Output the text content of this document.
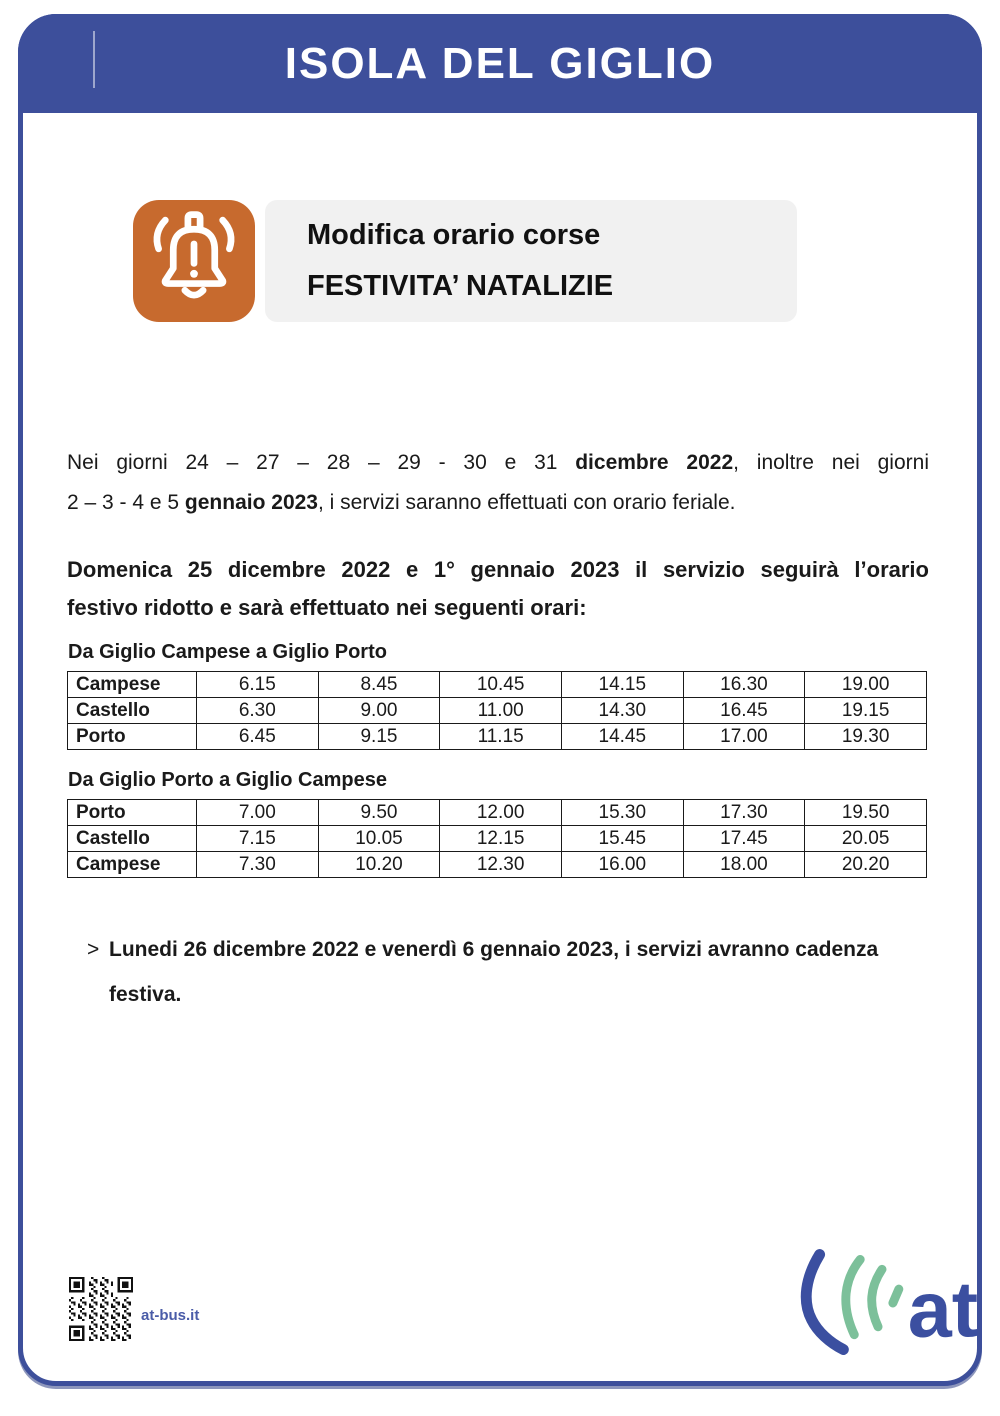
ISOLA DEL GIGLIO
Modifica orario corse
FESTIVITA’ NATALIZIE
Nei giorni 24 – 27 – 28 – 29 - 30 e 31 dicembre 2022, inoltre nei giorni
2 – 3 - 4 e 5 gennaio 2023, i servizi saranno effettuati con orario feriale.
Domenica 25 dicembre 2022 e 1° gennaio 2023 il servizio seguirà l’orario
festivo ridotto e sarà effettuato nei seguenti orari:
Da Giglio Campese a Giglio Porto
Campese	6.15	8.45	10.45	14.15	16.30	19.00
Castello	6.30	9.00	11.00	14.30	16.45	19.15
Porto	6.45	9.15	11.15	14.45	17.00	19.30
Da Giglio Porto a Giglio Campese
Porto	7.00	9.50	12.00	15.30	17.30	19.50
Castello	7.15	10.05	12.15	15.45	17.45	20.05
Campese	7.30	10.20	12.30	16.00	18.00	20.20
> Lunedi 26 dicembre 2022 e venerdì 6 gennaio 2023, i servizi avranno cadenza
festiva.
at-bus.it	at
